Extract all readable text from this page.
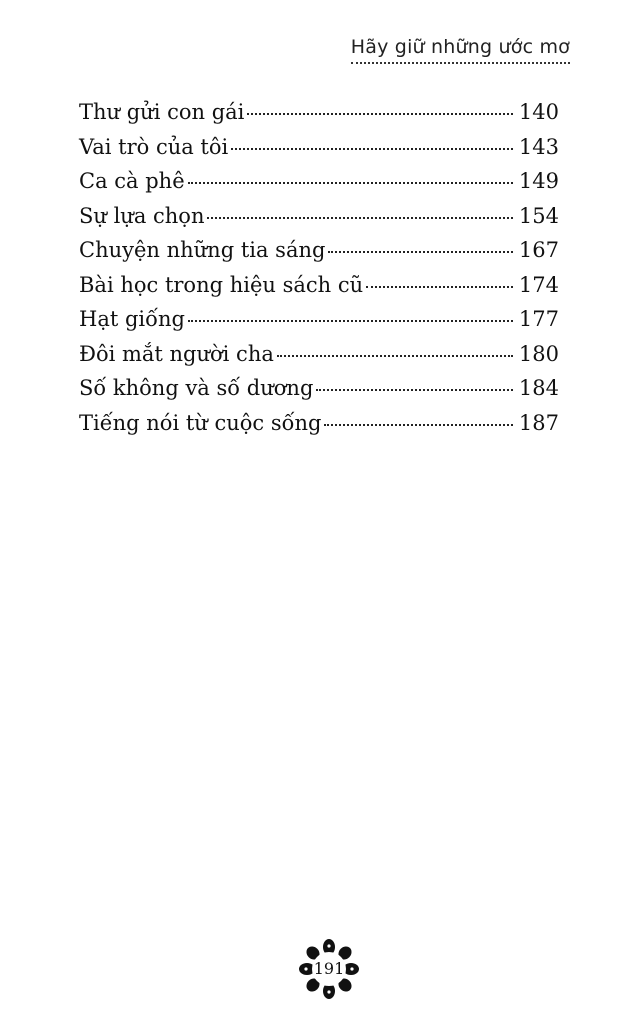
Hãy giữ những ước mơ
Thư gửi con gái	140
Vai trò của tôi	143
Ca cà phê	149
Sự lựa chọn	154
Chuyện những tia sáng	167
Bài học trong hiệu sách cũ	174
Hạt giống	177
Đôi mắt người cha	180
Số không và số dương	184
Tiếng nói từ cuộc sống	187
191
